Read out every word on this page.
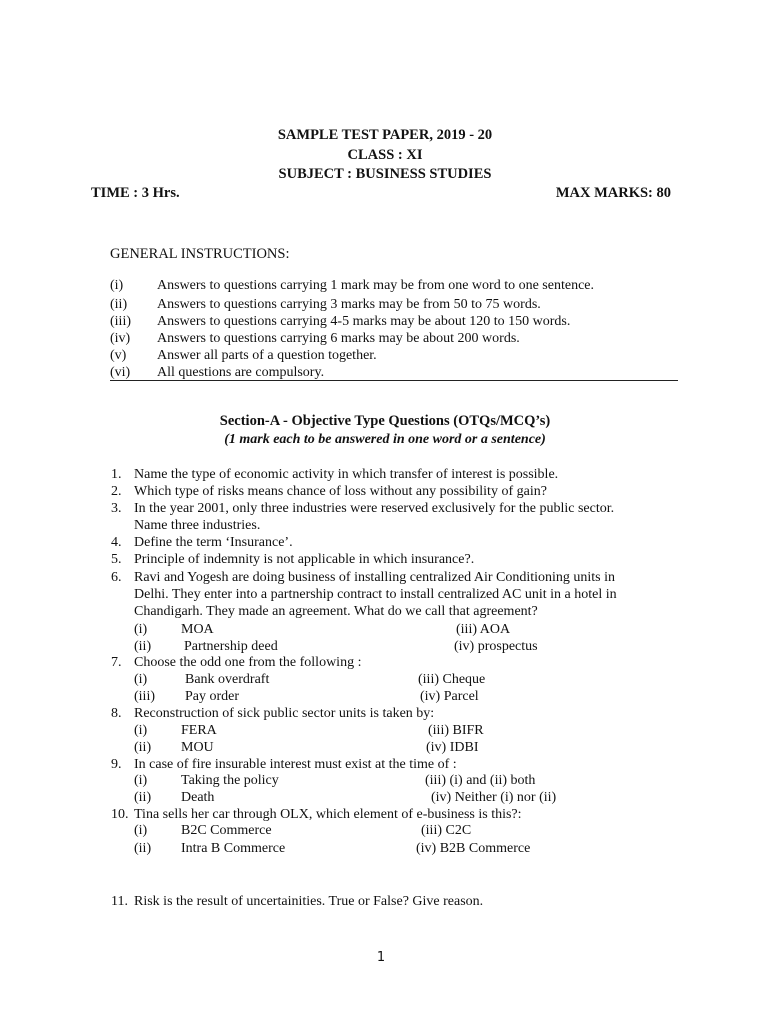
SAMPLE TEST PAPER, 2019 - 20
CLASS : XI
SUBJECT : BUSINESS STUDIES
TIME : 3 Hrs.	MAX MARKS: 80
GENERAL INSTRUCTIONS:
(i) Answers to questions carrying 1 mark may be from one word to one sentence.
(ii) Answers to questions carrying 3 marks may be from 50 to 75 words.
(iii) Answers to questions carrying 4-5 marks may be about 120 to 150 words.
(iv) Answers to questions carrying 6 marks may be about 200 words.
(v) Answer all parts of a question together.
(vi) All questions are compulsory.
Section-A - Objective Type Questions (OTQs/MCQ’s)
(1 mark each to be answered in one word or a sentence)
1. Name the type of economic activity in which transfer of interest is possible.
2. Which type of risks means chance of loss without any possibility of gain?
3. In the year 2001, only three industries were reserved exclusively for the public sector.
Name three industries.
4. Define the term ‘Insurance’.
5. Principle of indemnity is not applicable in which insurance?.
6. Ravi and Yogesh are doing business of installing centralized Air Conditioning units in
Delhi. They enter into a partnership contract to install centralized AC unit in a hotel in
Chandigarh. They made an agreement. What do we call that agreement?
(i) MOA	(iii) AOA
(ii) Partnership deed	(iv) prospectus
7. Choose the odd one from the following :
(i)	Bank overdraft	(iii) Cheque
(iii) Pay order	(iv) Parcel
8. Reconstruction of sick public sector units is taken by:
(i) FERA	(iii) BIFR
(ii) MOU	(iv) IDBI
9. In case of fire insurable interest must exist at the time of :
(i) Taking the policy	(iii) (i) and (ii) both
(ii) Death	(iv) Neither (i) nor (ii)
10. Tina sells her car through OLX, which element of e-business is this?:
(i) B2C Commerce	(iii) C2C
(ii) Intra B Commerce	(iv) B2B Commerce
11. Risk is the result of uncertainities. True or False? Give reason.
1
